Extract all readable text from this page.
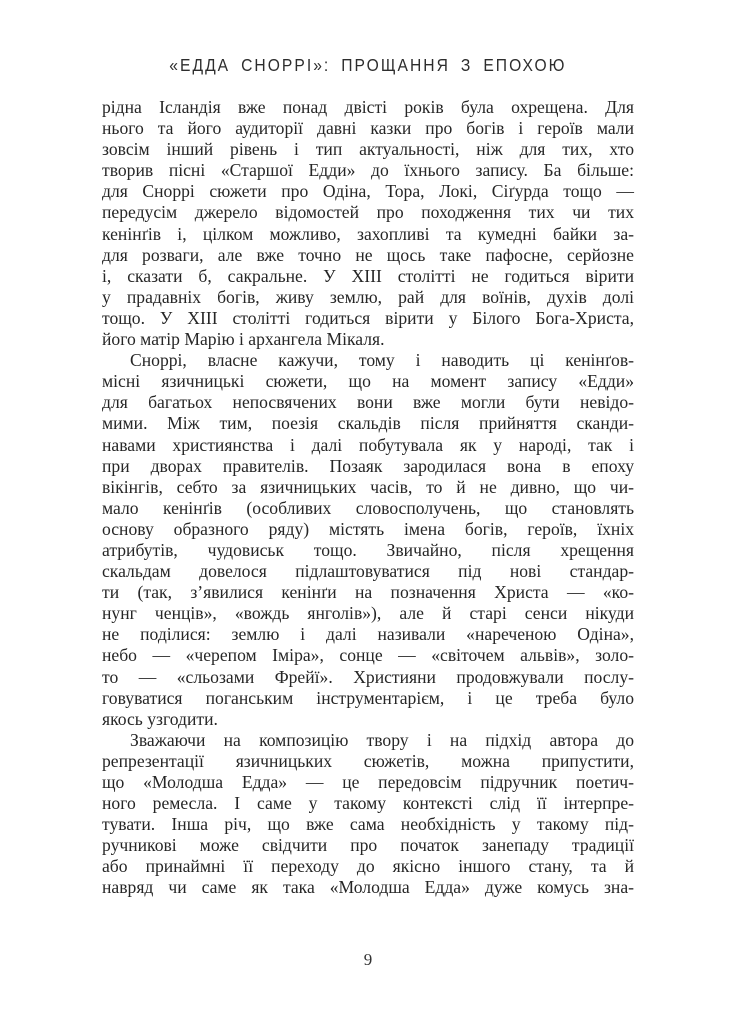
«ЕДДА СНОРРІ»: ПРОЩАННЯ З ЕПОХОЮ
рідна Ісландія вже понад двісті років була охрещена. Для
нього та його аудиторії давні казки про богів і героїв мали
зовсім інший рівень і тип актуальності, ніж для тих, хто
творив пісні «Старшої Едди» до їхнього запису. Ба більше:
для Сноррі сюжети про Одіна, Тора, Локі, Сіґурда тощо —
передусім джерело відомостей про походження тих чи тих
кенінґів і, цілком можливо, захопливі та кумедні байки за-
для розваги, але вже точно не щось таке пафосне, серйозне
і, сказати б, сакральне. У XIII столітті не годиться вірити
у прадавніх богів, живу землю, рай для воїнів, духів долі
тощо. У XIII столітті годиться вірити у Білого Бога-Христа,
його матір Марію і архангела Мікаля.
Сноррі, власне кажучи, тому і наводить ці кенінґов-
місні язичницькі сюжети, що на момент запису «Едди»
для багатьох непосвячених вони вже могли бути невідо-
мими. Між тим, поезія скальдів після прийняття сканди-
навами християнства і далі побутувала як у народі, так і
при дворах правителів. Позаяк зародилася вона в епоху
вікінгів, себто за язичницьких часів, то й не дивно, що чи-
мало кенінґів (особливих словосполучень, що становлять
основу образного ряду) містять імена богів, героїв, їхніх
атрибутів, чудовиськ тощо. Звичайно, після хрещення
скальдам довелося підлаштовуватися під нові стандар-
ти (так, з’явилися кенінґи на позначення Христа — «ко-
нунг ченців», «вождь янголів»), але й старі сенси нікуди
не поділися: землю і далі називали «нареченою Одіна»,
небо — «черепом Іміра», сонце — «світочем альвів», золо-
то — «сльозами Фрейї». Християни продовжували послу-
говуватися поганським інструментарієм, і це треба було
якось узгодити.
Зважаючи на композицію твору і на підхід автора до
репрезентації язичницьких сюжетів, можна припустити,
що «Молодша Едда» — це передовсім підручник поетич-
ного ремесла. І саме у такому контексті слід її інтерпре-
тувати. Інша річ, що вже сама необхідність у такому під-
ручникові може свідчити про початок занепаду традиції
або принаймні її переходу до якісно іншого стану, та й
навряд чи саме як така «Молодша Едда» дуже комусь зна-
9
